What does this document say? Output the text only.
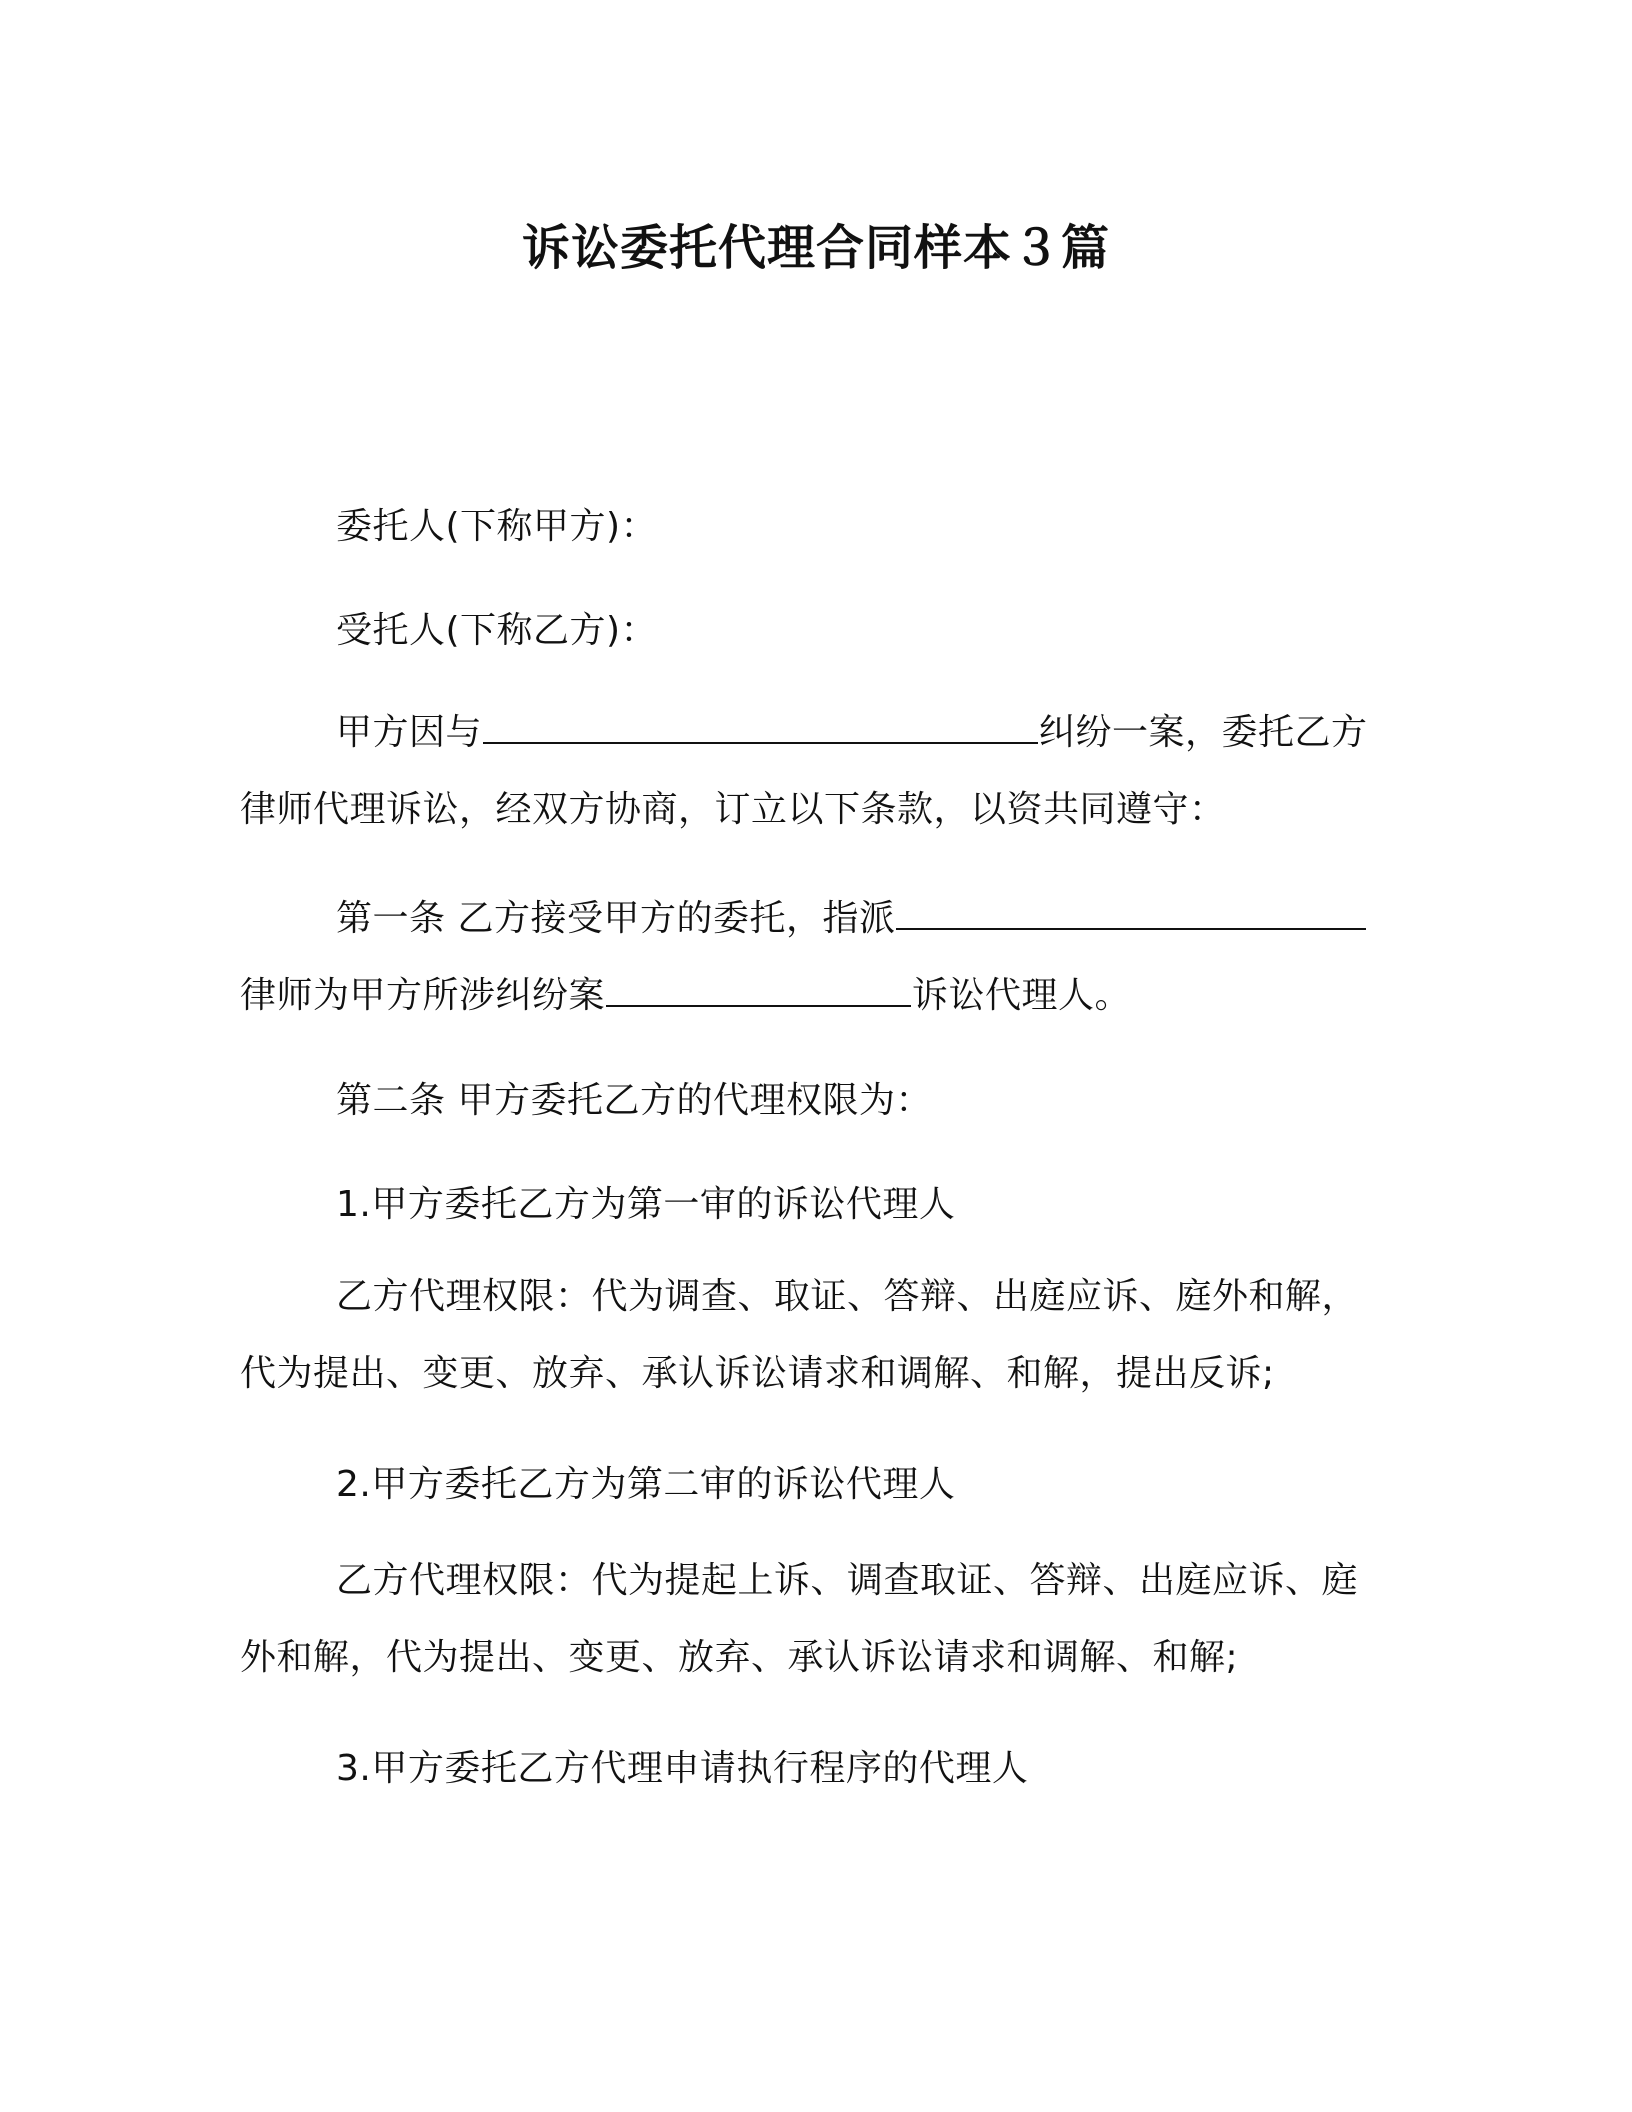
诉讼委托代理合同样本３篇

委托人(下称甲方)：

受托人(下称乙方)：

甲方因与	纠纷一案，委托乙方律师代理诉讼，经双方协商，订立以下条款，以资共同遵守：

第一条 乙方接受甲方的委托，指派律师为甲方所涉纠纷案	诉讼代理人。

第二条 甲方委托乙方的代理权限为：

1.甲方委托乙方为第一审的诉讼代理人

乙方代理权限：代为调查、取证、答辩、出庭应诉、庭外和解，代为提出、变更、放弃、承认诉讼请求和调解、和解，提出反诉;

2.甲方委托乙方为第二审的诉讼代理人

乙方代理权限：代为提起上诉、调查取证、答辩、出庭应诉、庭外和解，代为提出、变更、放弃、承认诉讼请求和调解、和解;

3.甲方委托乙方代理申请执行程序的代理人
